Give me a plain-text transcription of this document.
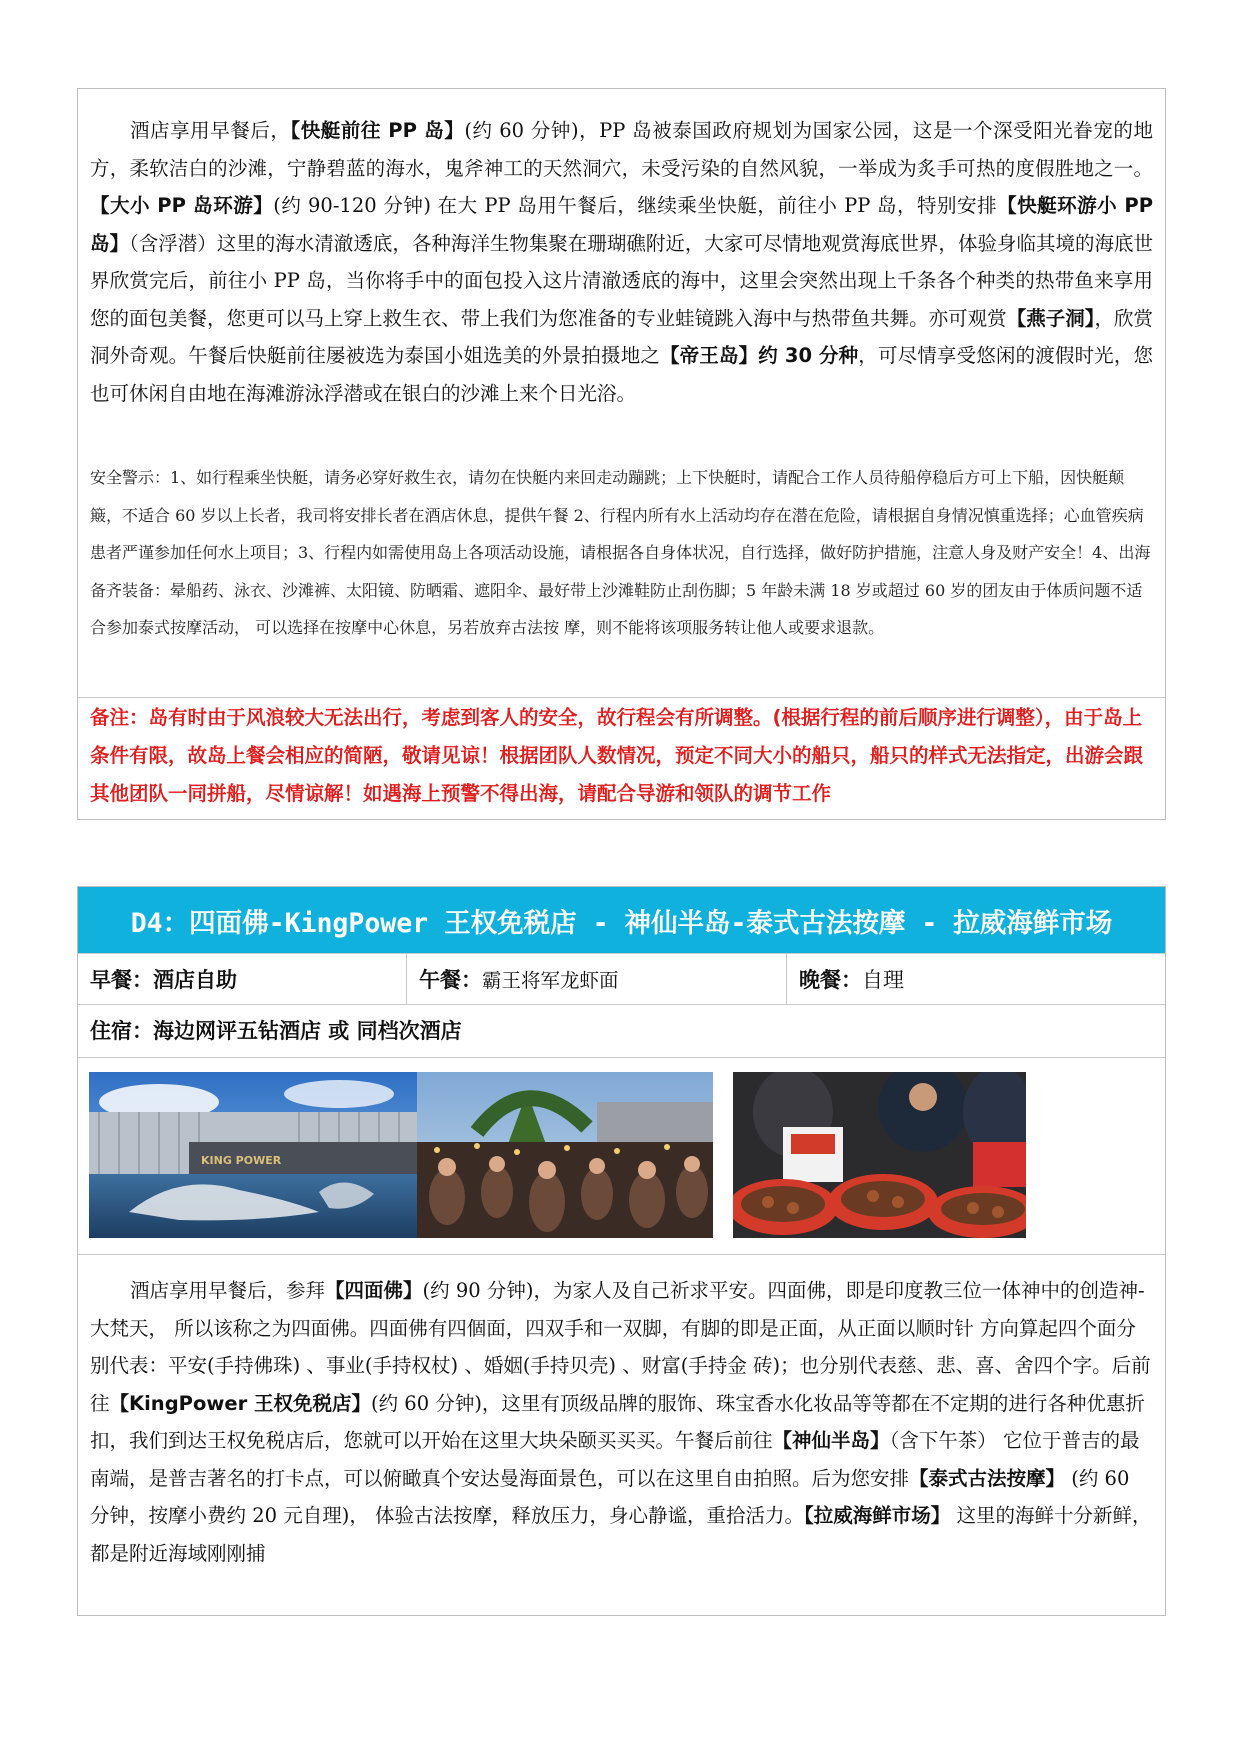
酒店享用早餐后，【快艇前往 PP 岛】(约 60 分钟)，PP 岛被泰国政府规划为国家公园，这是一个深受阳光眷宠的地方，柔软洁白的沙滩，宁静碧蓝的海水，鬼斧神工的天然洞穴，未受污染的自然风貌，一举成为炙手可热的度假胜地之一。【大小 PP 岛环游】(约 90-120 分钟) 在大 PP 岛用午餐后，继续乘坐快艇，前往小 PP 岛，特别安排【快艇环游小 PP 岛】（含浮潜）这里的海水清澈透底，各种海洋生物集聚在珊瑚礁附近，大家可尽情地观赏海底世界，体验身临其境的海底世界欣赏完后，前往小 PP 岛，当你将手中的面包投入这片清澈透底的海中，这里会突然出现上千条各个种类的热带鱼来享用您的面包美餐，您更可以马上穿上救生衣、带上我们为您准备的专业蛙镜跳入海中与热带鱼共舞。亦可观赏【燕子洞】，欣赏洞外奇观。午餐后快艇前往屡被选为泰国小姐选美的外景拍摄地之【帝王岛】约 30 分种，可尽情享受悠闲的渡假时光，您也可休闲自由地在海滩游泳浮潜或在银白的沙滩上来个日光浴。

安全警示：1、如行程乘坐快艇，请务必穿好救生衣，请勿在快艇内来回走动蹦跳；上下快艇时，请配合工作人员待船停稳后方可上下船，因快艇颠簸，不适合 60 岁以上长者，我司将安排长者在酒店休息，提供午餐 2、行程内所有水上活动均存在潜在危险，请根据自身情况慎重选择；心血管疾病患者严谨参加任何水上项目；3、行程内如需使用岛上各项活动设施，请根据各自身体状况，自行选择，做好防护措施，注意人身及财产安全！4、出海备齐装备：晕船药、泳衣、沙滩裤、太阳镜、防晒霜、遮阳伞、最好带上沙滩鞋防止刮伤脚；5 年龄未满 18 岁或超过 60 岁的团友由于体质问题不适合参加泰式按摩活动， 可以选择在按摩中心休息，另若放弃古法按 摩，则不能将该项服务转让他人或要求退款。

备注：岛有时由于风浪较大无法出行，考虑到客人的安全，故行程会有所调整。(根据行程的前后顺序进行调整），由于岛上条件有限，故岛上餐会相应的简陋，敬请见谅！根据团队人数情况，预定不同大小的船只，船只的样式无法指定，出游会跟其他团队一同拼船，尽情谅解！如遇海上预警不得出海，请配合导游和领队的调节工作

D4：四面佛-KingPower 王权免税店 - 神仙半岛-泰式古法按摩 - 拉威海鲜市场
早餐： 酒店自助	午餐： 霸王将军龙虾面	晚餐： 自理
住宿：海边网评五钻酒店 或 同档次酒店
KING POWER

酒店享用早餐后，参拜【四面佛】(约 90 分钟)，为家人及自己祈求平安。四面佛，即是印度教三位一体神中的创造神- 大梵天， 所以该称之为四面佛。四面佛有四個面，四双手和一双脚，有脚的即是正面，从正面以顺时针 方向算起四个面分别代表：平安(手持佛珠) 、事业(手持权杖) 、婚姻(手持贝壳) 、财富(手持金 砖)；也分别代表慈、悲、喜、舍四个字。后前往【KingPower 王权免税店】(约 60 分钟)，这里有顶级品牌的服饰、珠宝香水化妆品等等都在不定期的进行各种优惠折扣，我们到达王权免税店后，您就可以开始在这里大块朵颐买买买。午餐后前往【神仙半岛】（含下午茶） 它位于普吉的最南端，是普吉著名的打卡点，可以俯瞰真个安达曼海面景色，可以在这里自由拍照。后为您安排【泰式古法按摩】 (约 60 分钟，按摩小费约 20 元自理)， 体验古法按摩，释放压力，身心静谧，重拾活力。【拉威海鲜市场】 这里的海鲜十分新鲜，都是附近海域刚刚捕
